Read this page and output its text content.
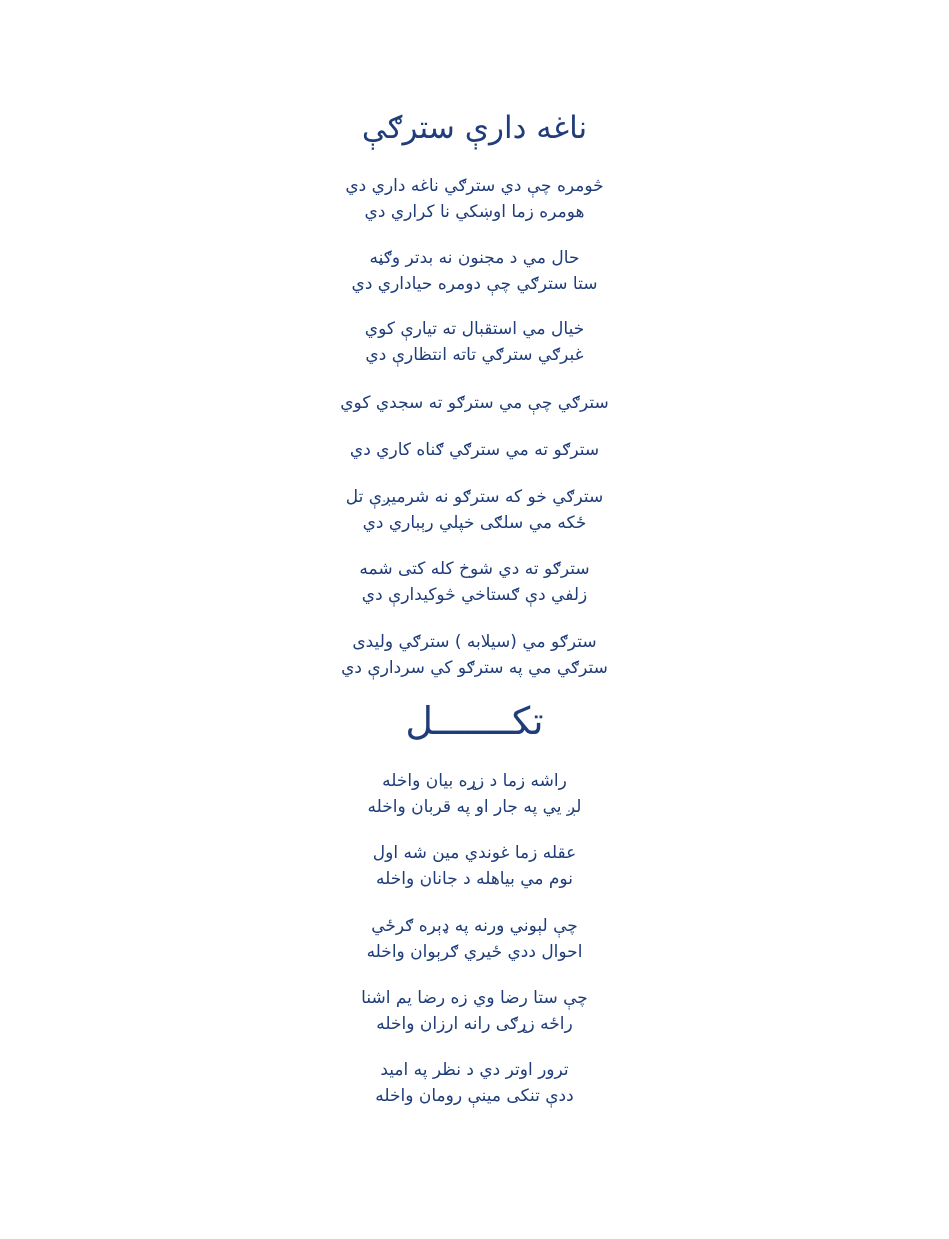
ناغه دارې سترګې
څومره چې دي سترګي ناغه داري دي
هومره زما اوښکي نا کراري دي
حال مي د مجنون نه بدتر وګڼه
ستا سترګي چې دومره حياداري دي
خيال مي استقبال ته تيارې کوي
غبرګي سترګي تاته انتظارې دي
سترګي چې مي سترګو ته سجدي کوي
سترګو ته مي سترګي ګناه کاري دي
سترګي خو که سترګو نه شرميږې تل
ځکه مي سلګی خپلي رېباري دي
سترګو ته دي شوخ کله کتی شمه
زلفي دې ګستاخي څوکيدارې دي
سترګو مي (سيلابه ) سترګي وليدی
سترګي مي په سترګو کي سردارې دي
تکـــــــل
راشه زما د زړه بيان واخله
لږ يي په جار او په قربان واخله
عقله زما غوندي مين شه اول
نوم مي بياهله د جانان واخله
چې لېوني ورنه په ډېره ګرځي
احوال ددي ځيري ګرېوان واخله
چې ستا رضا وي زه رضا يم اشنا
راځه زړګی رانه ارزان واخله
ترور اوتر دي د نظر په اميد
ددې تنکی مینې رومان واخله
